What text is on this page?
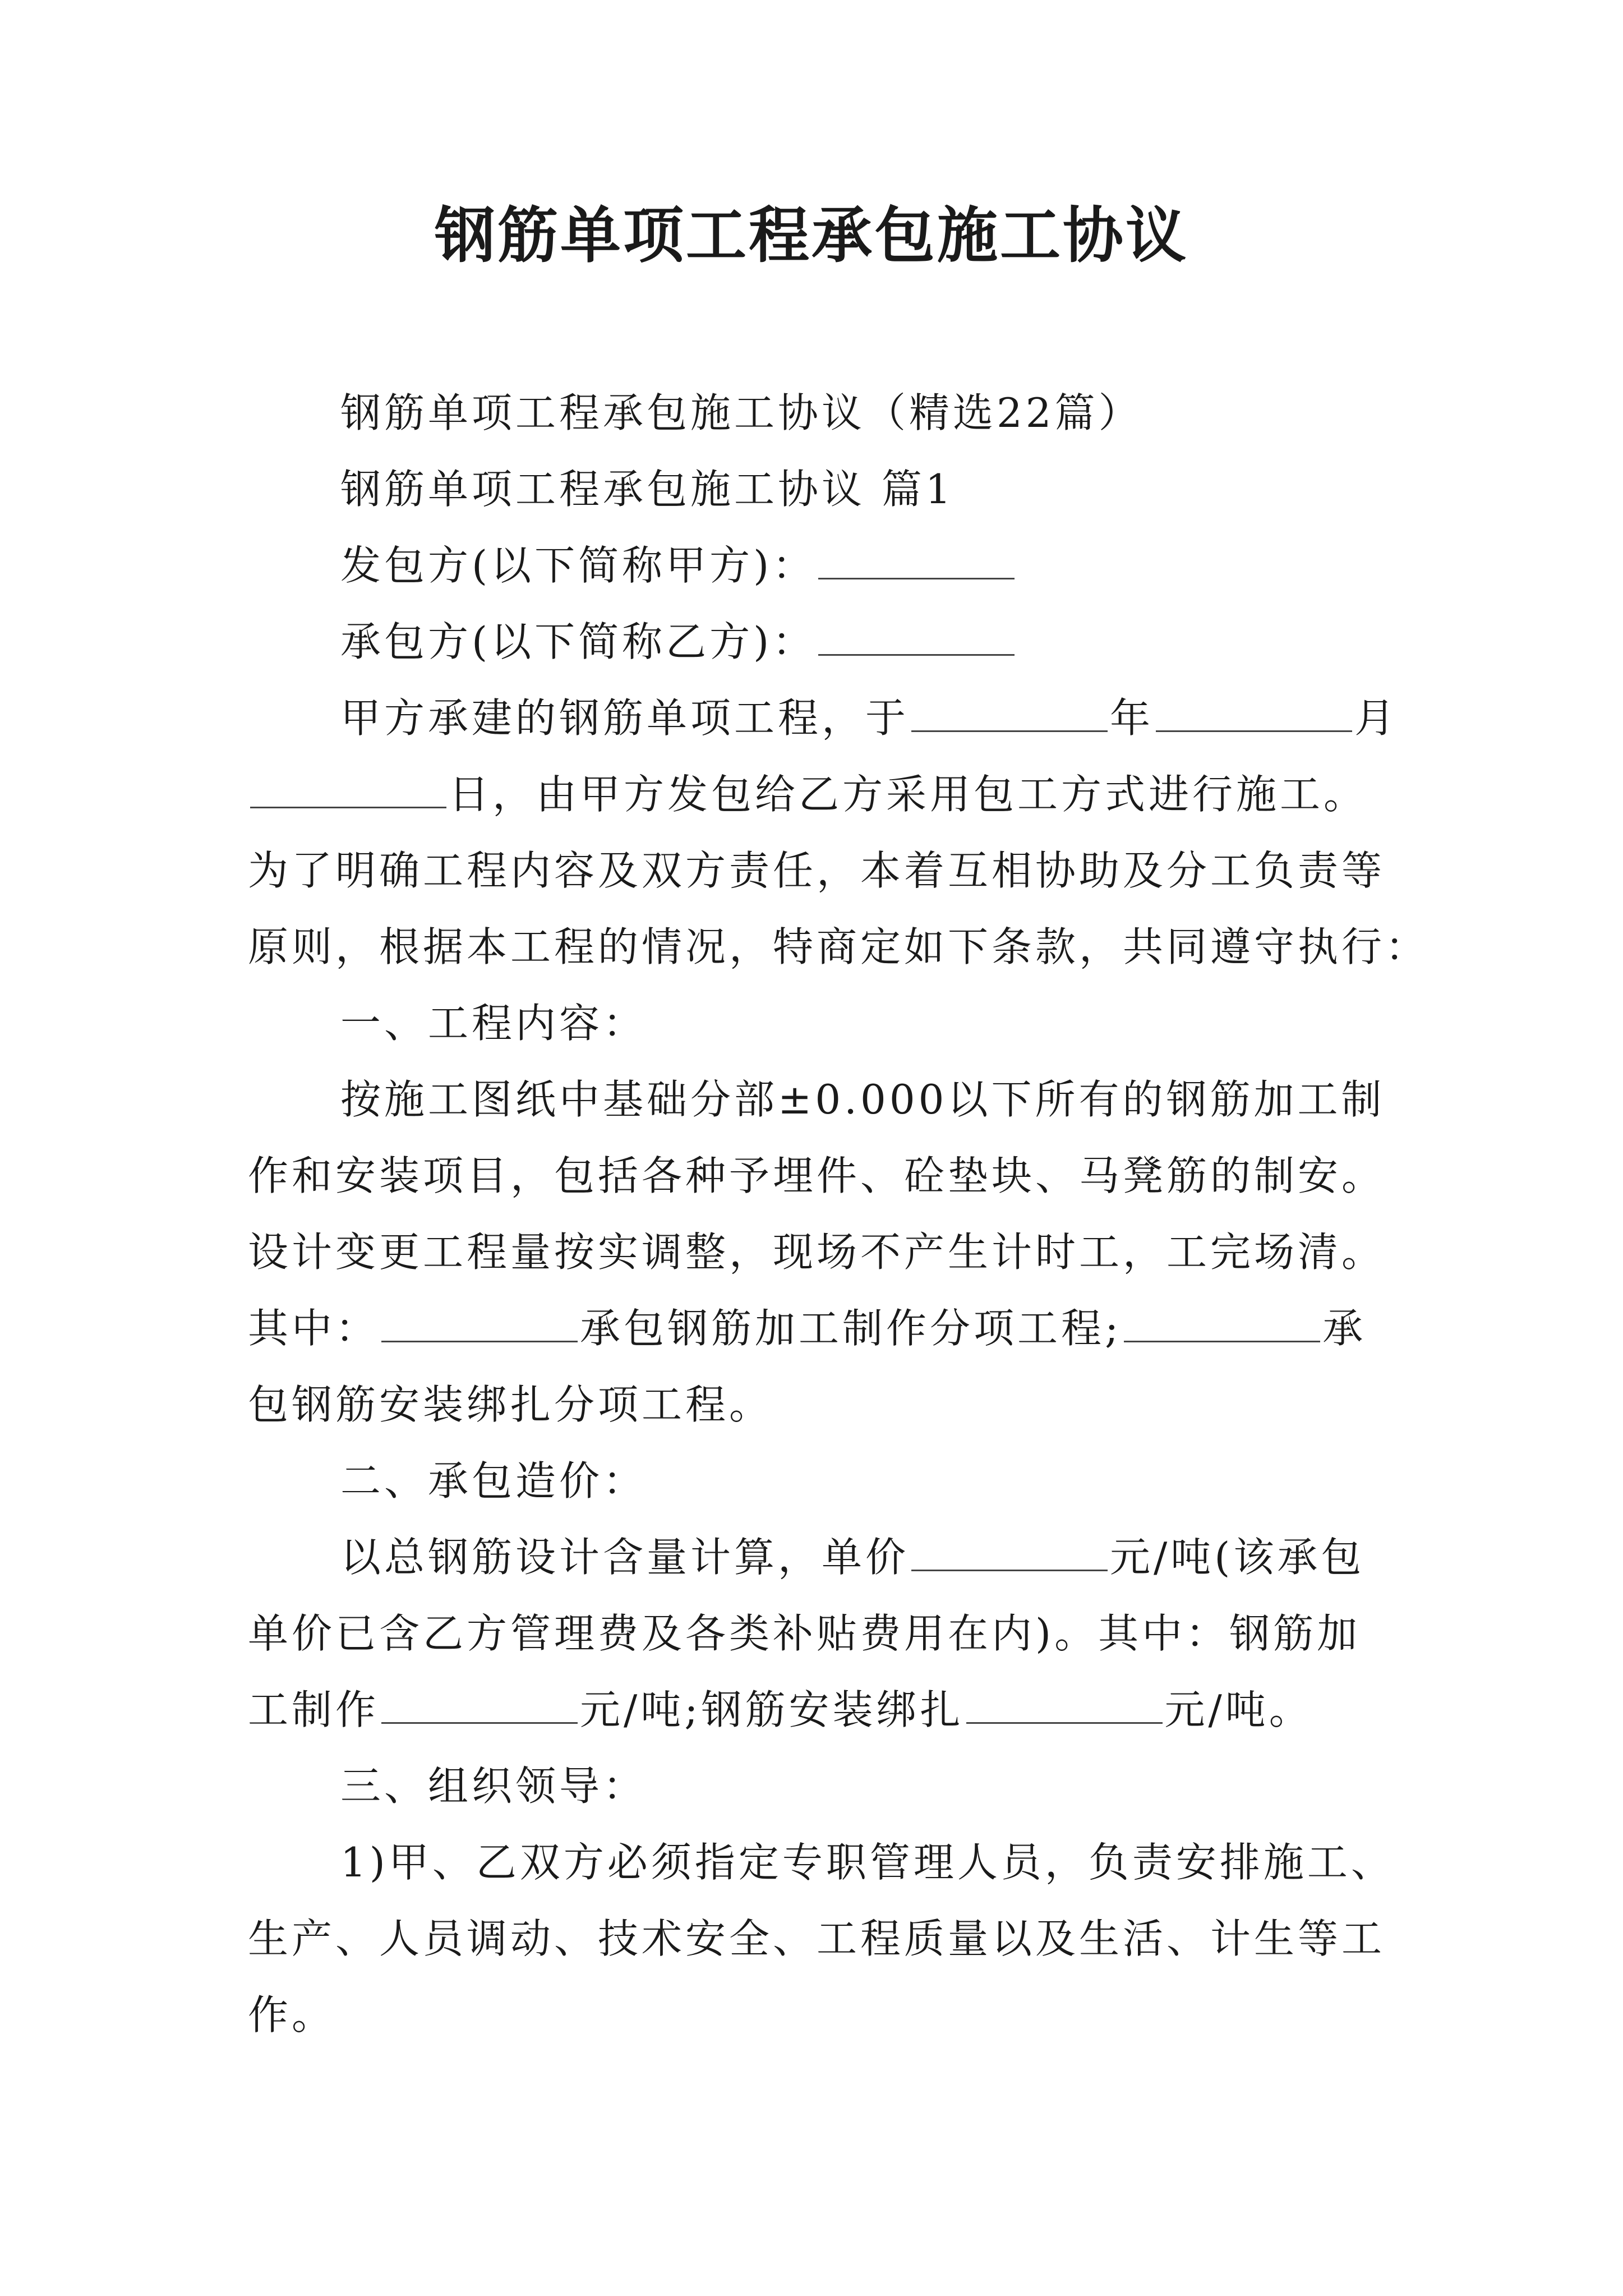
钢筋单项工程承包施工协议
钢筋单项工程承包施工协议（精选22篇）
钢筋单项工程承包施工协议 篇1
发包方(以下简称甲方)：
承包方(以下简称乙方)：
甲方承建的钢筋单项工程，于	年	月
日，由甲方发包给乙方采用包工方式进行施工。
为了明确工程内容及双方责任，本着互相协助及分工负责等
原则，根据本工程的情况，特商定如下条款，共同遵守执行：
一、工程内容：
按施工图纸中基础分部±0.000以下所有的钢筋加工制
作和安装项目，包括各种予埋件、砼垫块、马凳筋的制安。
设计变更工程量按实调整，现场不产生计时工，工完场清。
其中：	承包钢筋加工制作分项工程;	承
包钢筋安装绑扎分项工程。
二、承包造价：
以总钢筋设计含量计算，单价	元/吨(该承包
单价已含乙方管理费及各类补贴费用在内)。其中：钢筋加
工制作	元/吨;钢筋安装绑扎	元/吨。
三、组织领导：
1)甲、乙双方必须指定专职管理人员，负责安排施工、
生产、人员调动、技术安全、工程质量以及生活、计生等工
作。
